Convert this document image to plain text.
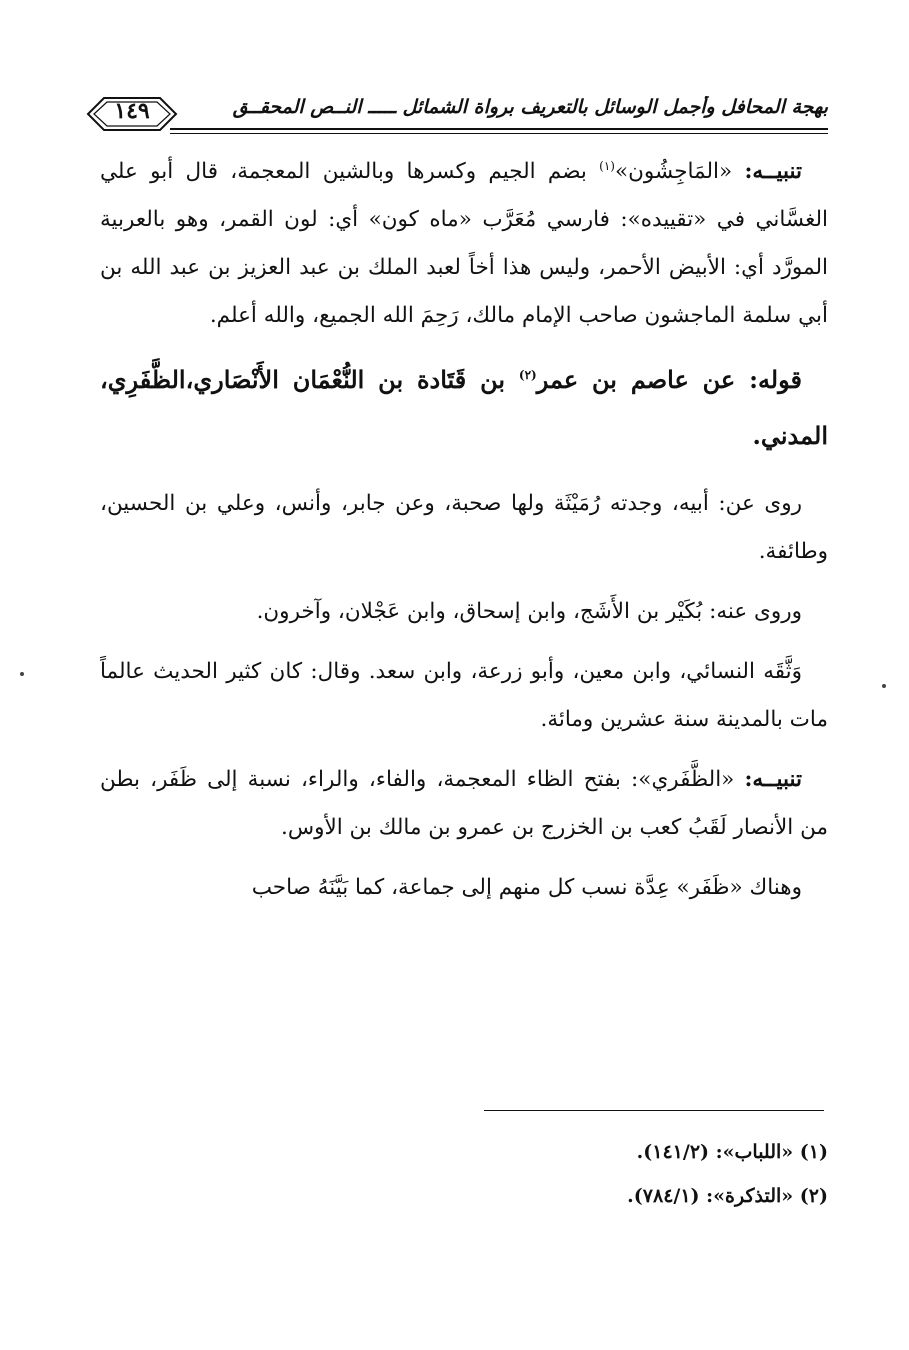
١٤٩	بهجة المحافل وأجمل الوسائل بالتعريف برواة الشمائل ـــــ النــص المحقــق

تنبيــه: «المَاجِشُون»$^{(١)}$ بضم الجيم وكسرها وبالشين المعجمة، قال أبو علي الغسَّاني في «تقييده»: فارسي مُعَرَّب «ماه كون» أي: لون القمر، وهو بالعربية المورَّد أي: الأبيض الأحمر، وليس هذا أخاً لعبد الملك بن عبد العزيز بن عبد الله بن أبي سلمة الماجشون صاحب الإمام مالك، رَحِمَ الله الجميع، والله أعلم.

قوله: عن عاصم بن عمر$^{(٢)}$ بن قَتَادة بن النُّعْمَان الأَنْصَاري،الظَّفَرِي، المدني.

روى عن: أبيه، وجدته رُمَيْثَة ولها صحبة، وعن جابر، وأنس، وعلي بن الحسين، وطائفة.

وروى عنه: بُكَيْر بن الأَشَج، وابن إسحاق، وابن عَجْلان، وآخرون.

وَثَّقَه النسائي، وابن معين، وأبو زرعة، وابن سعد. وقال: كان كثير الحديث عالماً مات بالمدينة سنة عشرين ومائة.

تنبيــه: «الظَّفَري»: بفتح الظاء المعجمة، والفاء، والراء، نسبة إلى ظَفَر، بطن من الأنصار لَقَبُ كعب بن الخزرج بن عمرو بن مالك بن الأوس.

وهناك «ظَفَر» عِدَّة نسب كل منهم إلى جماعة، كما بَيَّنَهُ صاحب

(١) «اللباب»: (١٤١/٢).

(٢) «التذكرة»: (٧٨٤/١).
